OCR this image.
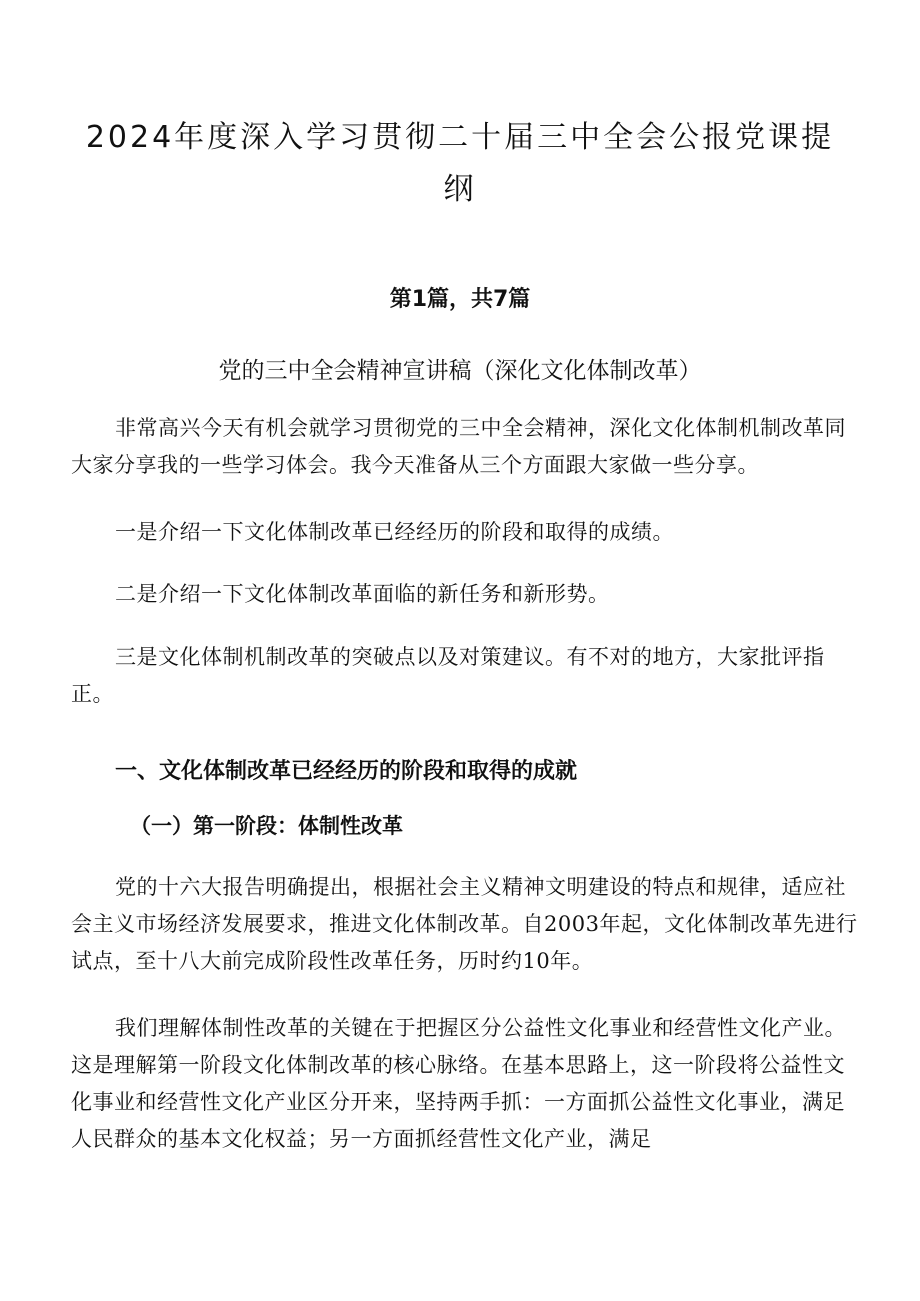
2024年度深入学习贯彻二十届三中全会公报党课提纲
第1篇，共7篇
党的三中全会精神宣讲稿（深化文化体制改革）

非常高兴今天有机会就学习贯彻党的三中全会精神，深化文化体制机制改革同大家分享我的一些学习体会。我今天准备从三个方面跟大家做一些分享。

一是介绍一下文化体制改革已经经历的阶段和取得的成绩。

二是介绍一下文化体制改革面临的新任务和新形势。

三是文化体制机制改革的突破点以及对策建议。有不对的地方，大家批评指正。

一、文化体制改革已经经历的阶段和取得的成就
（一）第一阶段：体制性改革

党的十六大报告明确提出，根据社会主义精神文明建设的特点和规律，适应社会主义市场经济发展要求，推进文化体制改革。自2003年起，文化体制改革先进行试点，至十八大前完成阶段性改革任务，历时约10年。

我们理解体制性改革的关键在于把握区分公益性文化事业和经营性文化产业。这是理解第一阶段文化体制改革的核心脉络。在基本思路上，这一阶段将公益性文化事业和经营性文化产业区分开来，坚持两手抓：一方面抓公益性文化事业，满足人民群众的基本文化权益；另一方面抓经营性文化产业，满足
